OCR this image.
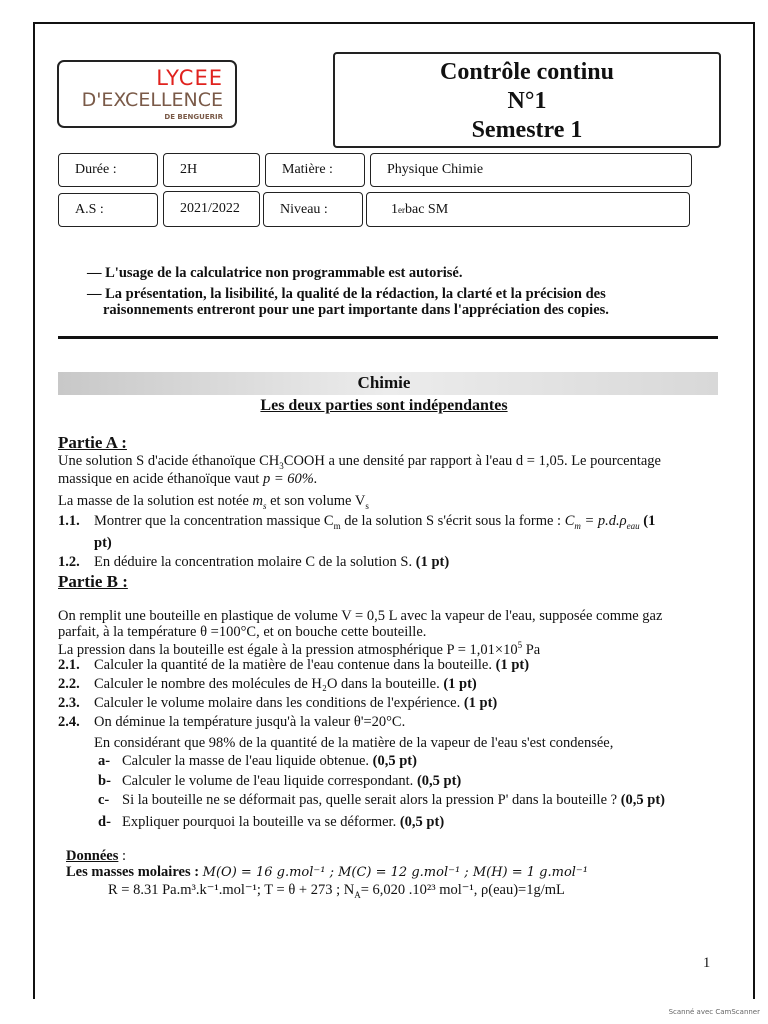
LYCEE
D'EXCELLENCE
DE BENGUERIR
Contrôle continu
N°1
Semestre 1
Durée :	2H	Matière :	Physique Chimie
A.S :	2021/2022	Niveau :	1 er bac SM
— L'usage de la calculatrice non programmable est autorisé.
— La présentation, la lisibilité, la qualité de la rédaction, la clarté et la précision des
raisonnements entreront pour une part importante dans l'appréciation des copies.
Chimie
Les deux parties sont indépendantes
Partie A :
Une solution S d'acide éthanoïque $CH_3COOH$ a une densité par rapport à l'eau d = 1,05. Le pourcentage
massique en acide éthanoïque vaut p = 60%.
La masse de la solution est notée $m_s$ et son volume $V_s$
1.1. Montrer que la concentration massique $C_m$ de la solution S s'écrit sous la forme : $C_m = p.d.\rho_{eau}$ (1
pt)
1.2. En déduire la concentration molaire C de la solution S. (1 pt)
Partie B :
On remplit une bouteille en plastique de volume V = 0,5 L avec la vapeur de l'eau, supposée comme gaz
parfait, à la température θ =100°C, et on bouche cette bouteille.
La pression dans la bouteille est égale à la pression atmosphérique $P = 1,01\times 10^5$ Pa
2.1. Calculer la quantité de la matière de l'eau contenue dans la bouteille. (1 pt)
2.2. Calculer le nombre des molécules de H₂O dans la bouteille. (1 pt)
2.3. Calculer le volume molaire dans les conditions de l'expérience. (1 pt)
2.4. On déminue la température jusqu'à la valeur θ'=20°C.
En considérant que 98% de la quantité de la matière de la vapeur de l'eau s'est condensée,
a- Calculer la masse de l'eau liquide obtenue. (0,5 pt)
b- Calculer le volume de l'eau liquide correspondant. (0,5 pt)
c- Si la bouteille ne se déformait pas, quelle serait alors la pression P' dans la bouteille ? (0,5 pt)
d- Expliquer pourquoi la bouteille va se déformer. (0,5 pt)
Données :
Les masses molaires : M(O) = 16 g.mol⁻¹ ; M(C) = 12 g.mol⁻¹ ; M(H) = 1 g.mol⁻¹
R = 8.31 Pa.m³.k⁻¹.mol⁻¹; T = θ + 273 ; $N_A= 6,020$ .10²³ mol⁻¹, ρ(eau)=1g/mL
1
Scanné avec CamScanner
